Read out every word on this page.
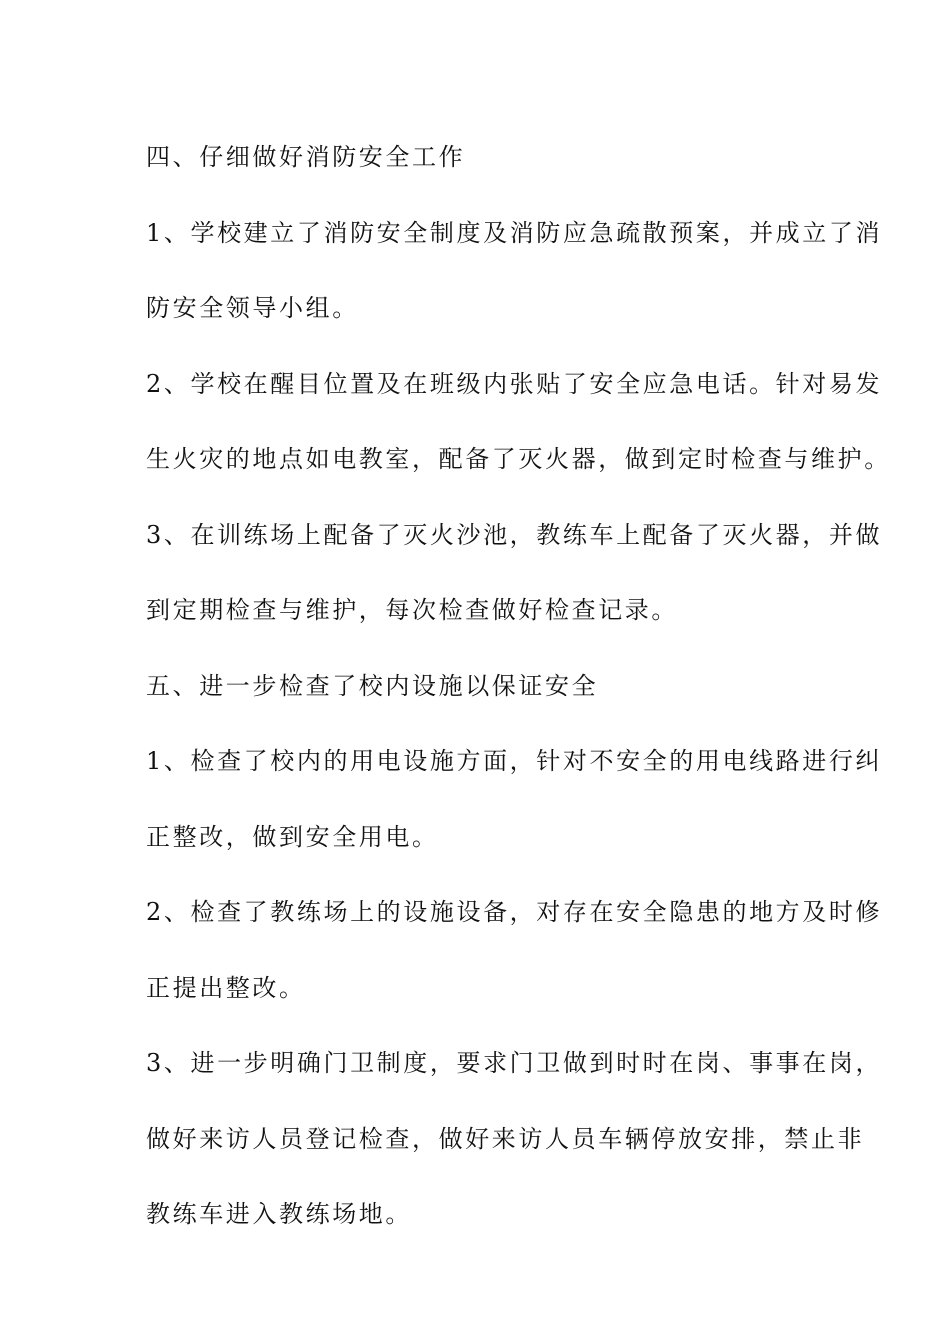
四、仔细做好消防安全工作
1、学校建立了消防安全制度及消防应急疏散预案，并成立了消
防安全领导小组。
2、学校在醒目位置及在班级内张贴了安全应急电话。针对易发
生火灾的地点如电教室，配备了灭火器，做到定时检查与维护。
3、在训练场上配备了灭火沙池，教练车上配备了灭火器，并做
到定期检查与维护，每次检查做好检查记录。
五、进一步检查了校内设施以保证安全
1、检查了校内的用电设施方面，针对不安全的用电线路进行纠
正整改，做到安全用电。
2、检查了教练场上的设施设备，对存在安全隐患的地方及时修
正提出整改。
3、进一步明确门卫制度，要求门卫做到时时在岗、事事在岗，
做好来访人员登记检查，做好来访人员车辆停放安排，禁止非
教练车进入教练场地。
